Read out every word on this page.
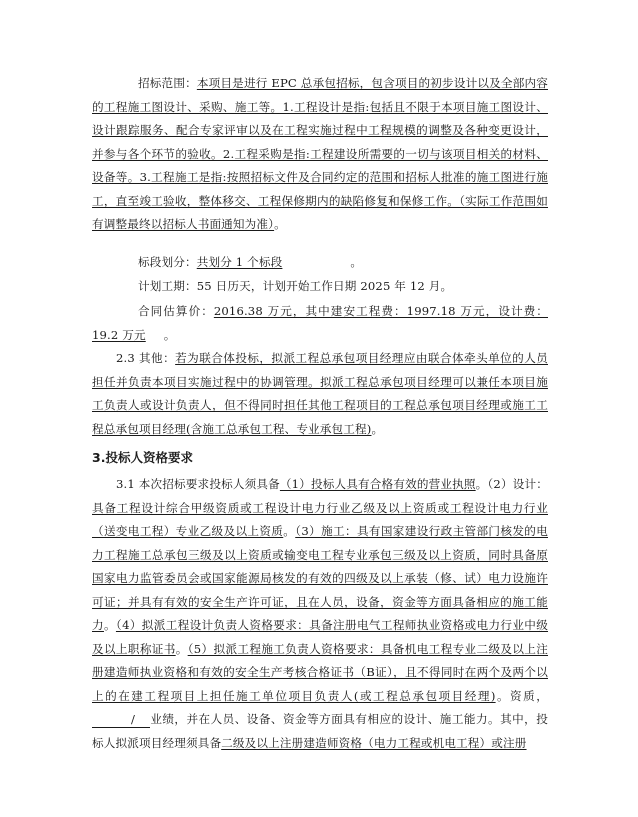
招标范围：本项目是进行 EPC 总承包招标，包含项目的初步设计以及全部内容的工程施工图设计、采购、施工等。1.工程设计是指:包括且不限于本项目施工图设计、设计跟踪服务、配合专家评审以及在工程实施过程中工程规模的调整及各种变更设计，并参与各个环节的验收。2.工程采购是指:工程建设所需要的一切与该项目相关的材料、设备等。3.工程施工是指:按照招标文件及合同约定的范围和招标人批准的施工图进行施工，直至竣工验收，整体移交、工程保修期内的缺陷修复和保修工作。（实际工作范围如有调整最终以招标人书面通知为准）。
标段划分：共划分 1 个标段	。
计划工期：55 日历天，计划开始工作日期 2025 年 12 月。
合同估算价：2016.38 万元，其中建安工程费：1997.18 万元，设计费：19.2 万元 。
2.3 其他：若为联合体投标，拟派工程总承包项目经理应由联合体牵头单位的人员担任并负责本项目实施过程中的协调管理。拟派工程总承包项目经理可以兼任本项目施工负责人或设计负责人，但不得同时担任其他工程项目的工程总承包项目经理或施工工程总承包项目经理(含施工总承包工程、专业承包工程)。
3.投标人资格要求
3.1 本次招标要求投标人须具备（1）投标人具有合格有效的营业执照。（2）设计：具备工程设计综合甲级资质或工程设计电力行业乙级及以上资质或工程设计电力行业（送变电工程）专业乙级及以上资质。（3）施工：具有国家建设行政主管部门核发的电力工程施工总承包三级及以上资质或输变电工程专业承包三级及以上资质，同时具备原国家电力监管委员会或国家能源局核发的有效的四级及以上承装（修、试）电力设施许可证；并具有有效的安全生产许可证，且在人员，设备，资金等方面具备相应的施工能力。（4）拟派工程设计负责人资格要求：具备注册电气工程师执业资格或电力行业中级及以上职称证书。（5）拟派工程施工负责人资格要求：具备机电工程专业二级及以上注册建造师执业资格和有效的安全生产考核合格证书（B证），且不得同时在两个及两个以上的在建工程项目上担任施工单位项目负责人(或工程总承包项目经理)。资质，/ 业绩，并在人员、设备、资金等方面具有相应的设计、施工能力。其中，投标人拟派项目经理须具备二级及以上注册建造师资格（电力工程或机电工程）或注册
